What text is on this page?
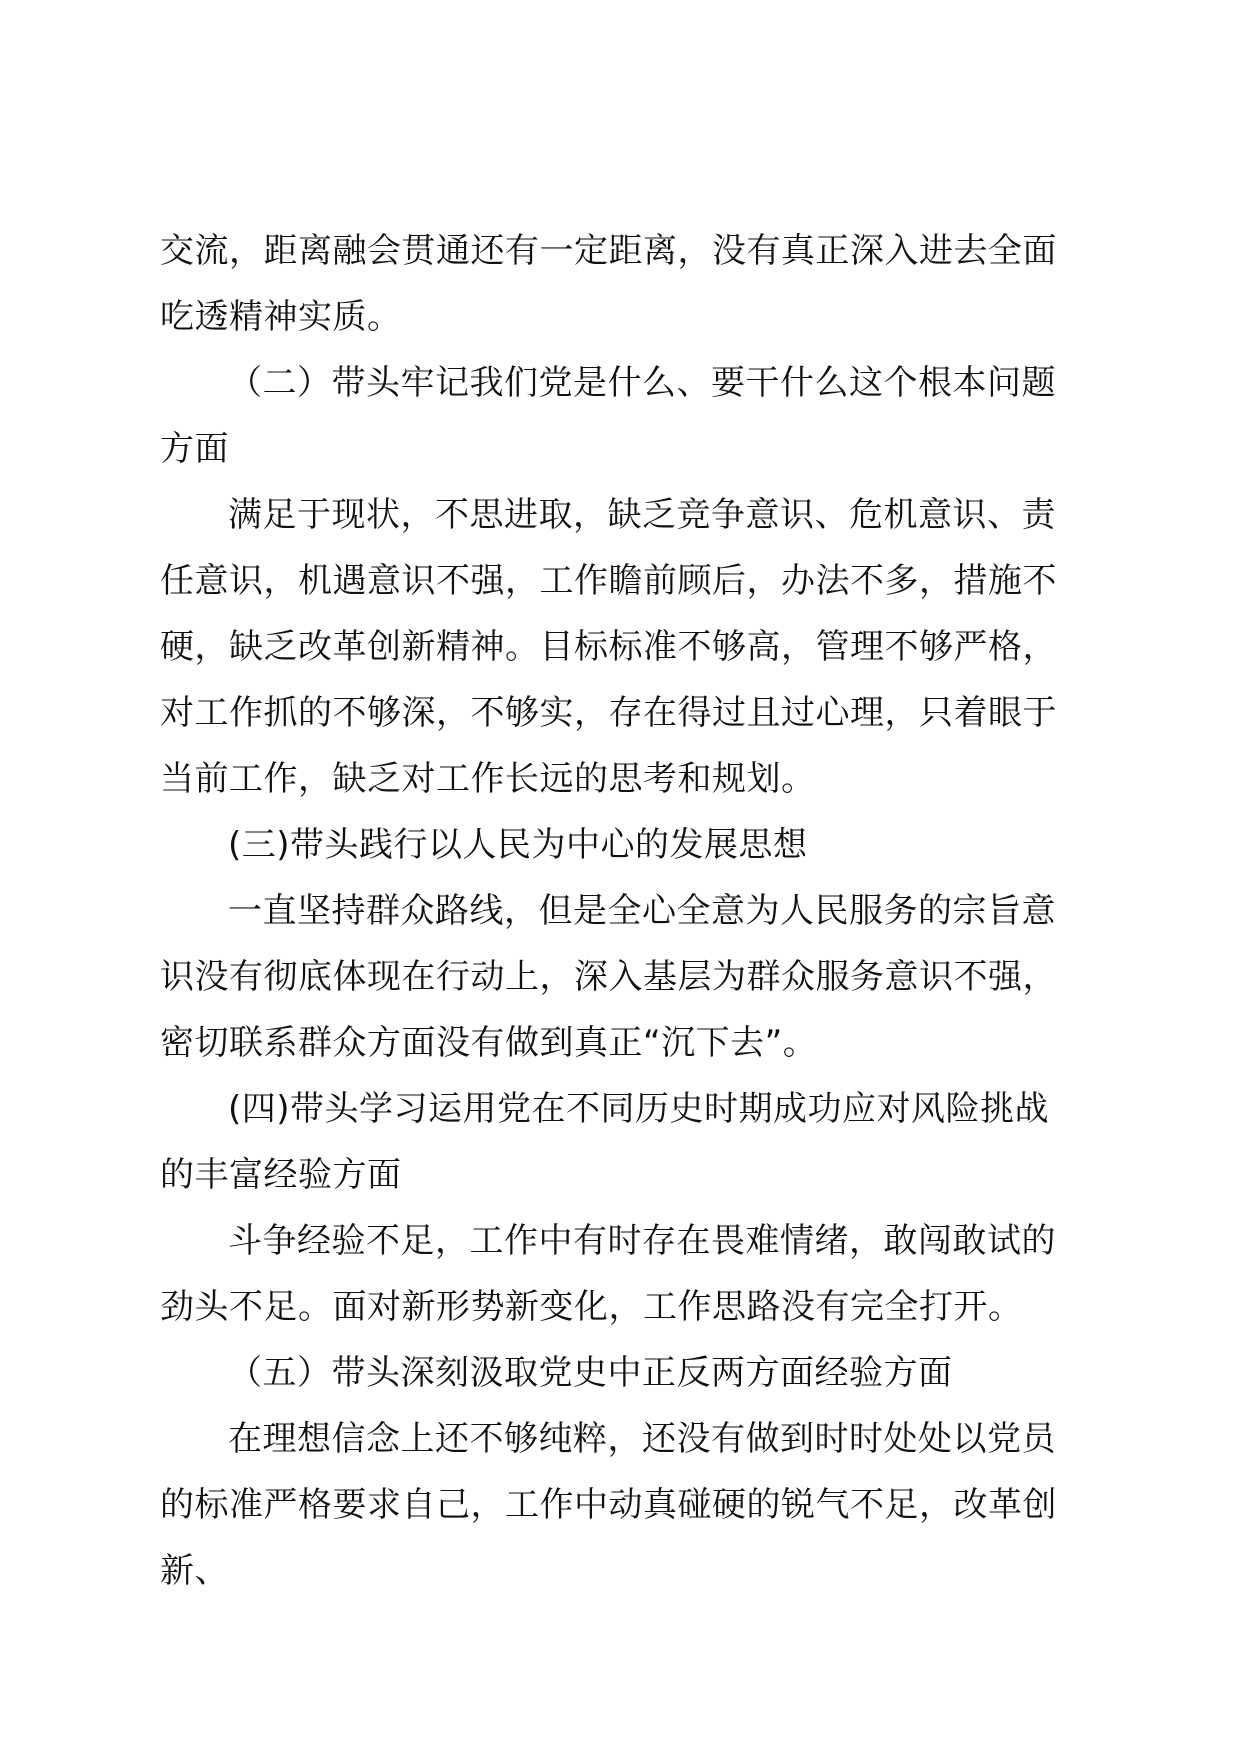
交流，距离融会贯通还有一定距离，没有真正深入进去全面吃透精神实质。

（二）带头牢记我们党是什么、要干什么这个根本问题方面

满足于现状，不思进取，缺乏竞争意识、危机意识、责任意识，机遇意识不强，工作瞻前顾后，办法不多，措施不硬，缺乏改革创新精神。目标标准不够高，管理不够严格，对工作抓的不够深，不够实，存在得过且过心理，只着眼于当前工作，缺乏对工作长远的思考和规划。

(三)带头践行以人民为中心的发展思想

一直坚持群众路线，但是全心全意为人民服务的宗旨意识没有彻底体现在行动上，深入基层为群众服务意识不强，密切联系群众方面没有做到真正“沉下去”。

(四)带头学习运用党在不同历史时期成功应对风险挑战的丰富经验方面

斗争经验不足，工作中有时存在畏难情绪，敢闯敢试的劲头不足。面对新形势新变化，工作思路没有完全打开。

（五）带头深刻汲取党史中正反两方面经验方面

在理想信念上还不够纯粹，还没有做到时时处处以党员的标准严格要求自己，工作中动真碰硬的锐气不足，改革创新、
